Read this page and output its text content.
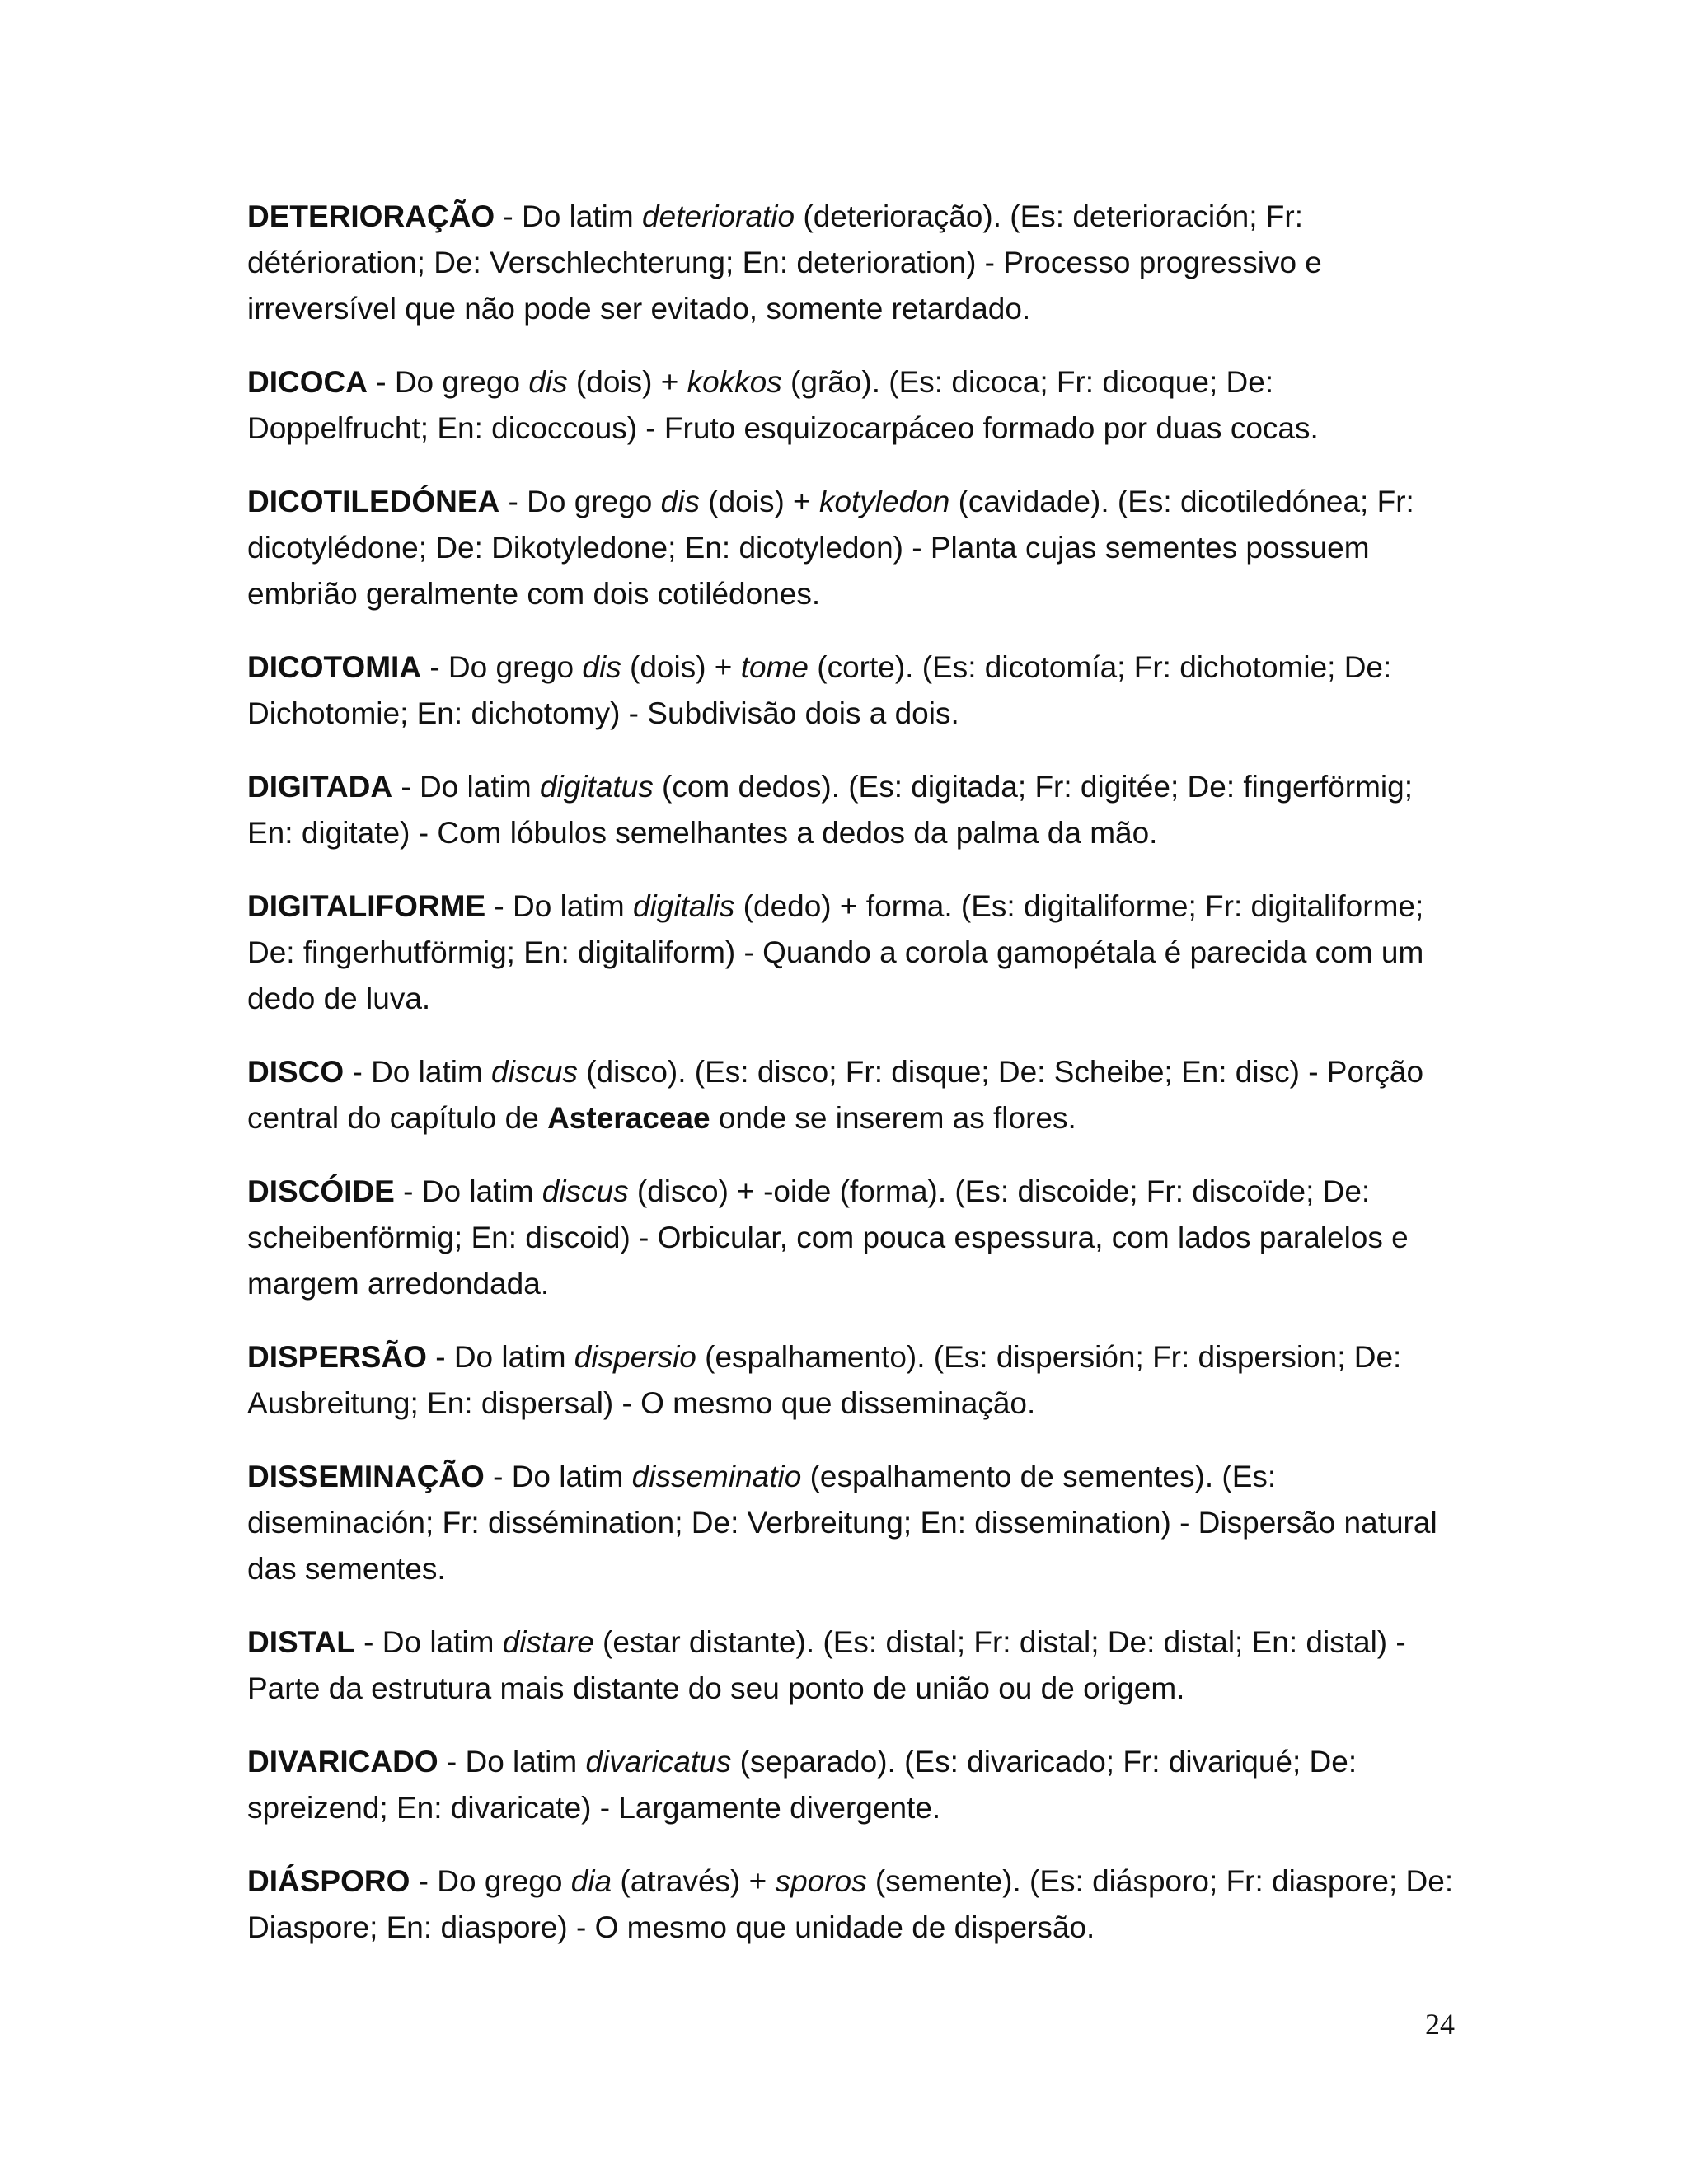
DETERIORAÇÃO - Do latim deterioratio (deterioração). (Es: deterioración; Fr: détérioration; De: Verschlechterung; En: deterioration) - Processo progressivo e irreversível que não pode ser evitado, somente retardado.

DICOCA - Do grego dis (dois) + kokkos (grão). (Es: dicoca; Fr: dicoque; De: Doppelfrucht; En: dicoccous) - Fruto esquizocarpáceo formado por duas cocas.

DICOTILEDÓNEA - Do grego dis (dois) + kotyledon (cavidade). (Es: dicotiledónea; Fr: dicotylédone; De: Dikotyledone; En: dicotyledon) - Planta cujas sementes possuem embrião geralmente com dois cotilédones.

DICOTOMIA - Do grego dis (dois) + tome (corte). (Es: dicotomía; Fr: dichotomie; De: Dichotomie; En: dichotomy) - Subdivisão dois a dois.

DIGITADA - Do latim digitatus (com dedos). (Es: digitada; Fr: digitée; De: fingerförmig; En: digitate) - Com lóbulos semelhantes a dedos da palma da mão.

DIGITALIFORME - Do latim digitalis (dedo) + forma. (Es: digitaliforme; Fr: digitaliforme; De: fingerhutförmig; En: digitaliform) - Quando a corola gamopétala é parecida com um dedo de luva.

DISCO - Do latim discus (disco). (Es: disco; Fr: disque; De: Scheibe; En: disc) - Porção central do capítulo de Asteraceae onde se inserem as flores.

DISCÓIDE - Do latim discus (disco) + -oide (forma). (Es: discoide; Fr: discoïde; De: scheibenförmig; En: discoid) - Orbicular, com pouca espessura, com lados paralelos e margem arredondada.

DISPERSÃO - Do latim dispersio (espalhamento). (Es: dispersión; Fr: dispersion; De: Ausbreitung; En: dispersal) - O mesmo que disseminação.

DISSEMINAÇÃO - Do latim disseminatio (espalhamento de sementes). (Es: diseminación; Fr: dissémination; De: Verbreitung; En: dissemination) - Dispersão natural das sementes.

DISTAL - Do latim distare (estar distante). (Es: distal; Fr: distal; De: distal; En: distal) - Parte da estrutura mais distante do seu ponto de união ou de origem.

DIVARICADO - Do latim divaricatus (separado). (Es: divaricado; Fr: divariqué; De: spreizend; En: divaricate) - Largamente divergente.

DIÁSPORO - Do grego dia (através) + sporos (semente). (Es: diásporo; Fr: diaspore; De: Diaspore; En: diaspore) - O mesmo que unidade de dispersão.

24
